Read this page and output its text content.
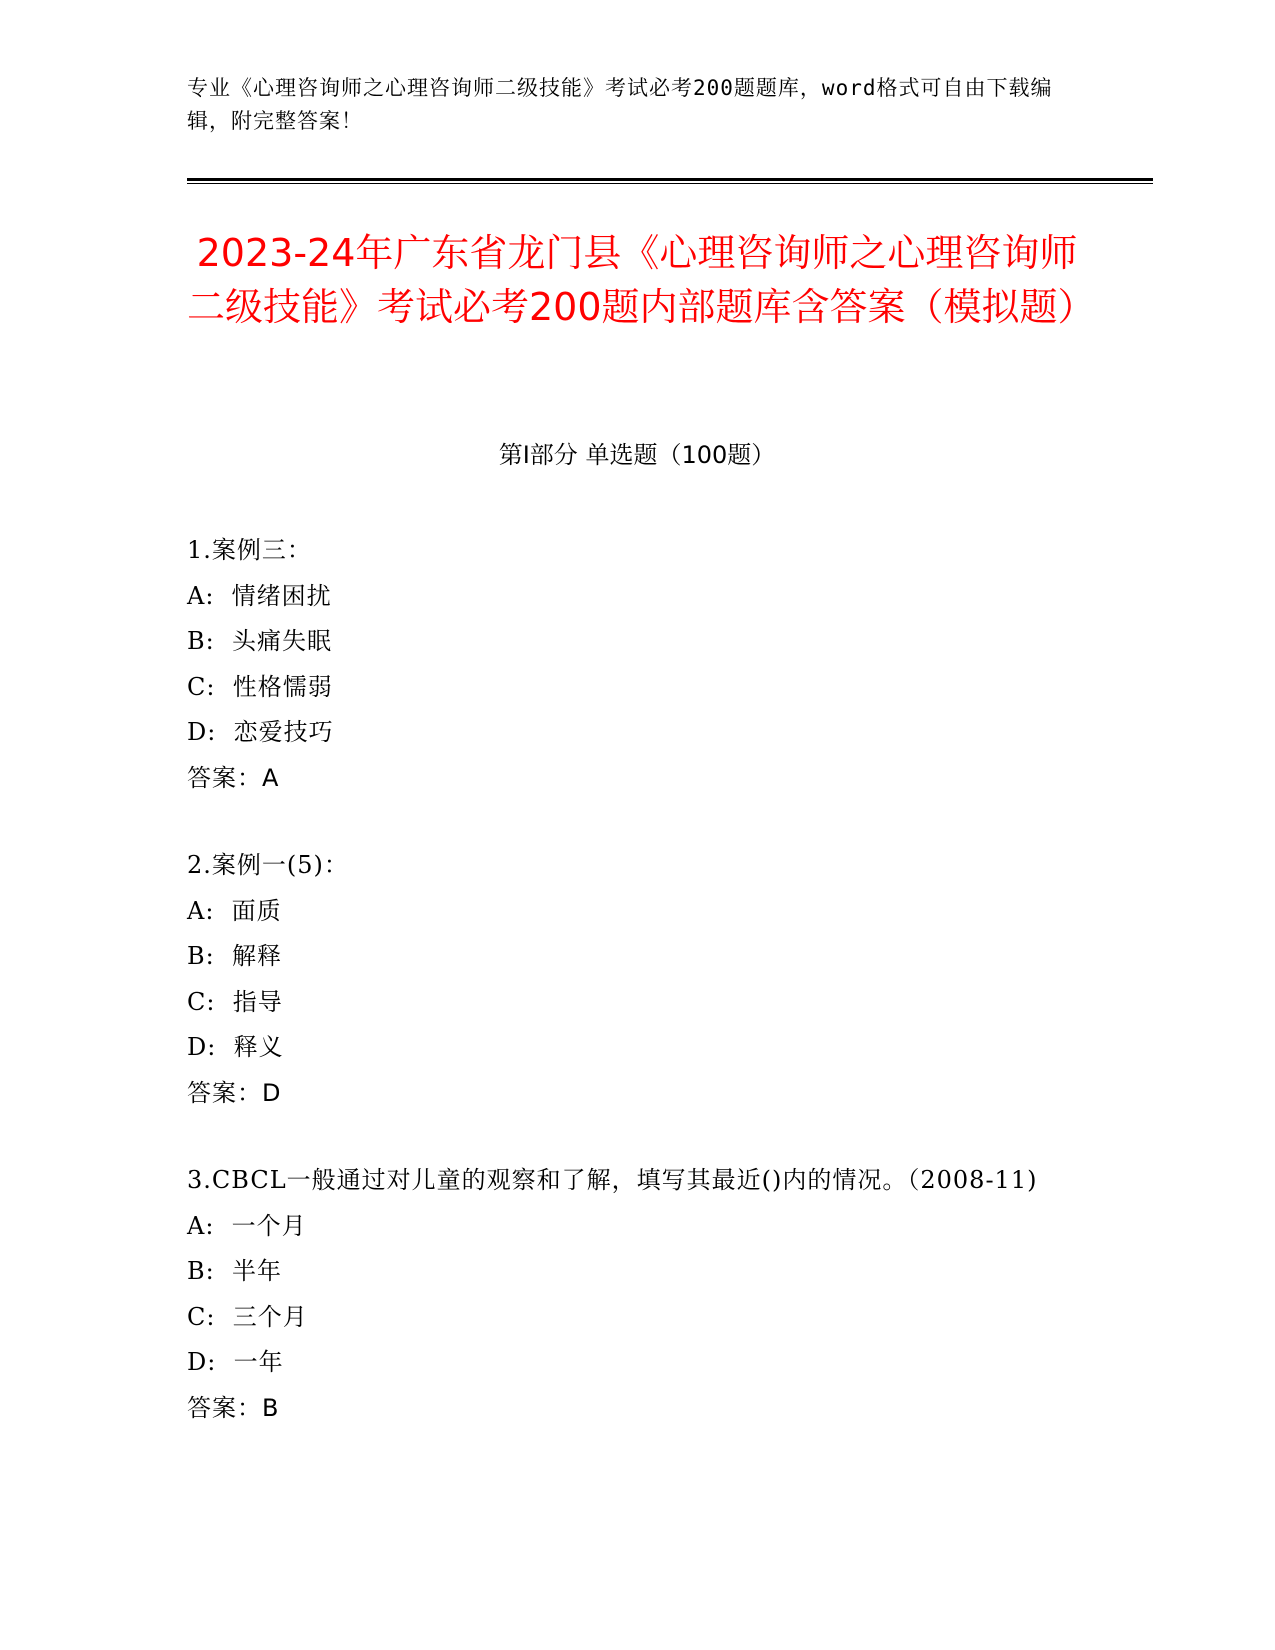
专业《心理咨询师之心理咨询师二级技能》考试必考200题题库，word格式可自由下载编辑，附完整答案！
2023-24年广东省龙门县《心理咨询师之心理咨询师二级技能》考试必考200题内部题库含答案（模拟题）
第Ⅰ部分 单选题（100题）
1.案例三：
A:  情绪困扰
B:  头痛失眠
C:  性格懦弱
D:  恋爱技巧
答案：A
2.案例一(5)：
A:  面质
B:  解释
C:  指导
D:  释义
答案：D
3.CBCL一般通过对儿童的观察和了解，填写其最近()内的情况。（2008-11)
A:  一个月
B:  半年
C:  三个月
D:  一年
答案：B
